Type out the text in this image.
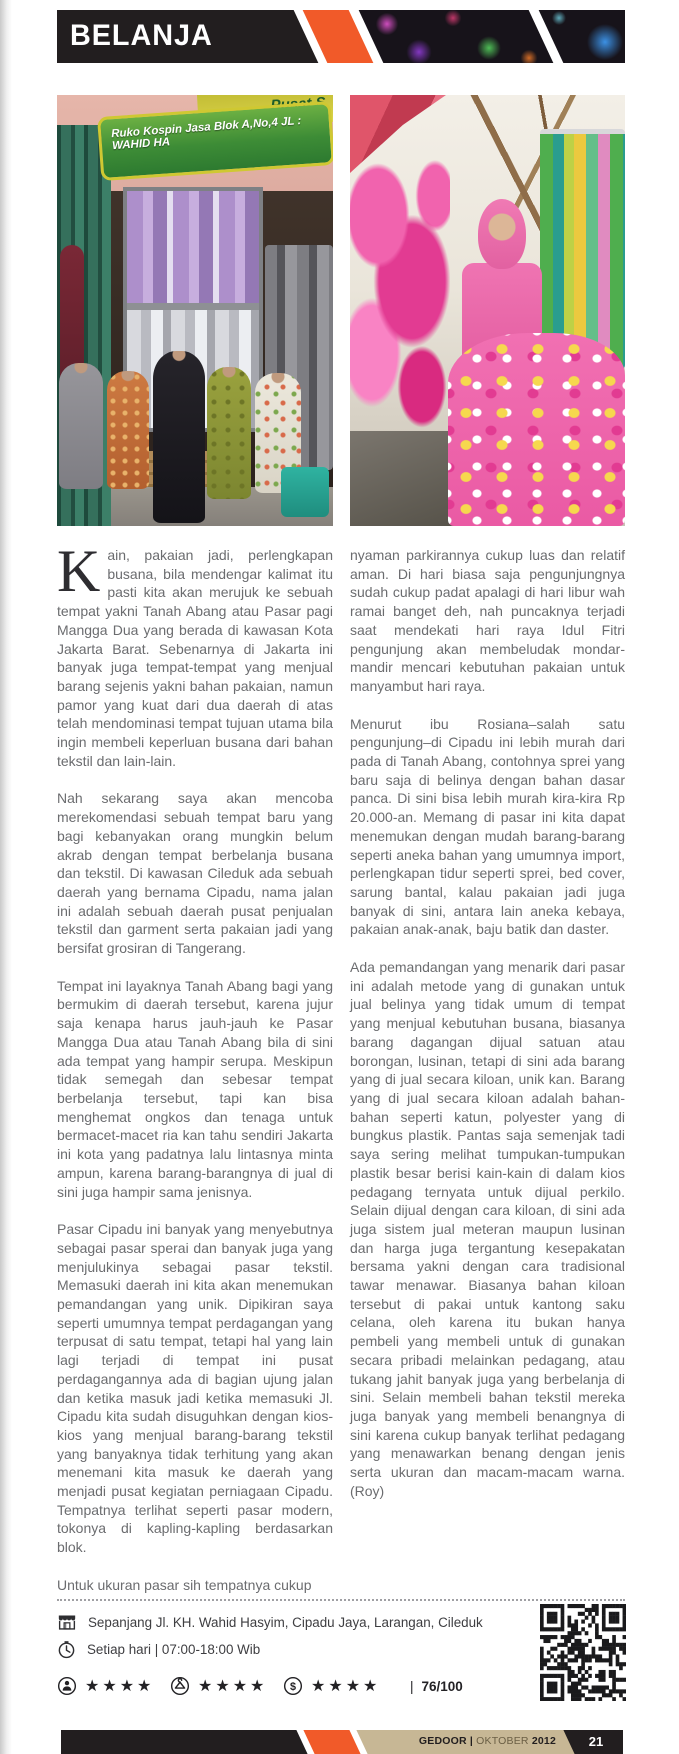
BELANJA
Ruko Kospin Jasa Blok A,No,4 JL : WAHID HA

Kain, pakaian jadi, perlengkapan busana, bila mendengar kalimat itu pasti kita akan merujuk ke sebuah tempat yakni Tanah Abang atau Pasar pagi Mangga Dua yang berada di kawasan Kota Jakarta Barat. Sebenarnya di Jakarta ini banyak juga tempat-tempat yang menjual barang sejenis yakni bahan pakaian, namun pamor yang kuat dari dua daerah di atas telah mendominasi tempat tujuan utama bila ingin membeli keperluan busana dari bahan tekstil dan lain-lain.

Nah sekarang saya akan mencoba merekomendasi sebuah tempat baru yang bagi kebanyakan orang mungkin belum akrab dengan tempat berbelanja busana dan tekstil. Di kawasan Cileduk ada sebuah daerah yang bernama Cipadu, nama jalan ini adalah sebuah daerah pusat penjualan tekstil dan garment serta pakaian jadi yang bersifat grosiran di Tangerang.

Tempat ini layaknya Tanah Abang bagi yang bermukim di daerah tersebut, karena jujur saja kenapa harus jauh-jauh ke Pasar Mangga Dua atau Tanah Abang bila di sini ada tempat yang hampir serupa. Meskipun tidak semegah dan sebesar tempat berbelanja tersebut, tapi kan bisa menghemat ongkos dan tenaga untuk bermacet-macet ria kan tahu sendiri Jakarta ini kota yang padatnya lalu lintasnya minta ampun, karena barang-barangnya di jual di sini juga hampir sama jenisnya.

Pasar Cipadu ini banyak yang menyebutnya sebagai pasar sperai dan banyak juga yang menjulukinya sebagai pasar tekstil. Memasuki daerah ini kita akan menemukan pemandangan yang unik. Dipikiran saya seperti umumnya tempat perdagangan yang terpusat di satu tempat, tetapi hal yang lain lagi terjadi di tempat ini pusat perdagangannya ada di bagian ujung jalan dan ketika masuk jadi ketika memasuki Jl. Cipadu kita sudah disuguhkan dengan kios-kios yang menjual barang-barang tekstil yang banyaknya tidak terhitung yang akan menemani kita masuk ke daerah yang menjadi pusat kegiatan perniagaan Cipadu. Tempatnya terlihat seperti pasar modern, tokonya di kapling-kapling berdasarkan blok.

Untuk ukuran pasar sih tempatnya cukup

nyaman parkirannya cukup luas dan relatif aman. Di hari biasa saja pengunjungnya sudah cukup padat apalagi di hari libur wah ramai banget deh, nah puncaknya terjadi saat mendekati hari raya Idul Fitri pengunjung akan membeludak mondar-mandir mencari kebutuhan pakaian untuk manyambut hari raya.

Menurut ibu Rosiana–salah satu pengunjung–di Cipadu ini lebih murah dari pada di Tanah Abang, contohnya sprei yang baru saja di belinya dengan bahan dasar panca. Di sini bisa lebih murah kira-kira Rp 20.000-an. Memang di pasar ini kita dapat menemukan dengan mudah barang-barang seperti aneka bahan yang umumnya import, perlengkapan tidur seperti sprei, bed cover, sarung bantal, kalau pakaian jadi juga banyak di sini, antara lain aneka kebaya, pakaian anak-anak, baju batik dan daster.

Ada pemandangan yang menarik dari pasar ini adalah metode yang di gunakan untuk jual belinya yang tidak umum di tempat yang menjual kebutuhan busana, biasanya barang dagangan dijual satuan atau borongan, lusinan, tetapi di sini ada barang yang di jual secara kiloan, unik kan. Barang yang di jual secara kiloan adalah bahan-bahan seperti katun, polyester yang di bungkus plastik. Pantas saja semenjak tadi saya sering melihat tumpukan-tumpukan plastik besar berisi kain-kain di dalam kios pedagang ternyata untuk dijual perkilo. Selain dijual dengan cara kiloan, di sini ada juga sistem jual meteran maupun lusinan dan harga juga tergantung kesepakatan bersama yakni dengan cara tradisional tawar menawar. Biasanya bahan kiloan tersebut di pakai untuk kantong saku celana, oleh karena itu bukan hanya pembeli yang membeli untuk di gunakan secara pribadi melainkan pedagang, atau tukang jahit banyak juga yang berbelanja di sini. Selain membeli bahan tekstil mereka juga banyak yang membeli benangnya di sini karena cukup banyak terlihat pedagang yang menawarkan benang dengan jenis serta ukuran dan macam-macam warna. (Roy)

Sepanjang Jl. KH. Wahid Hasyim, Cipadu Jaya, Larangan, Cileduk
Setiap hari | 07:00-18:00 Wib
★★★★	★★★★ $ ★★★★ | 76/100
GEDOOR | OKTOBER 2012	21
